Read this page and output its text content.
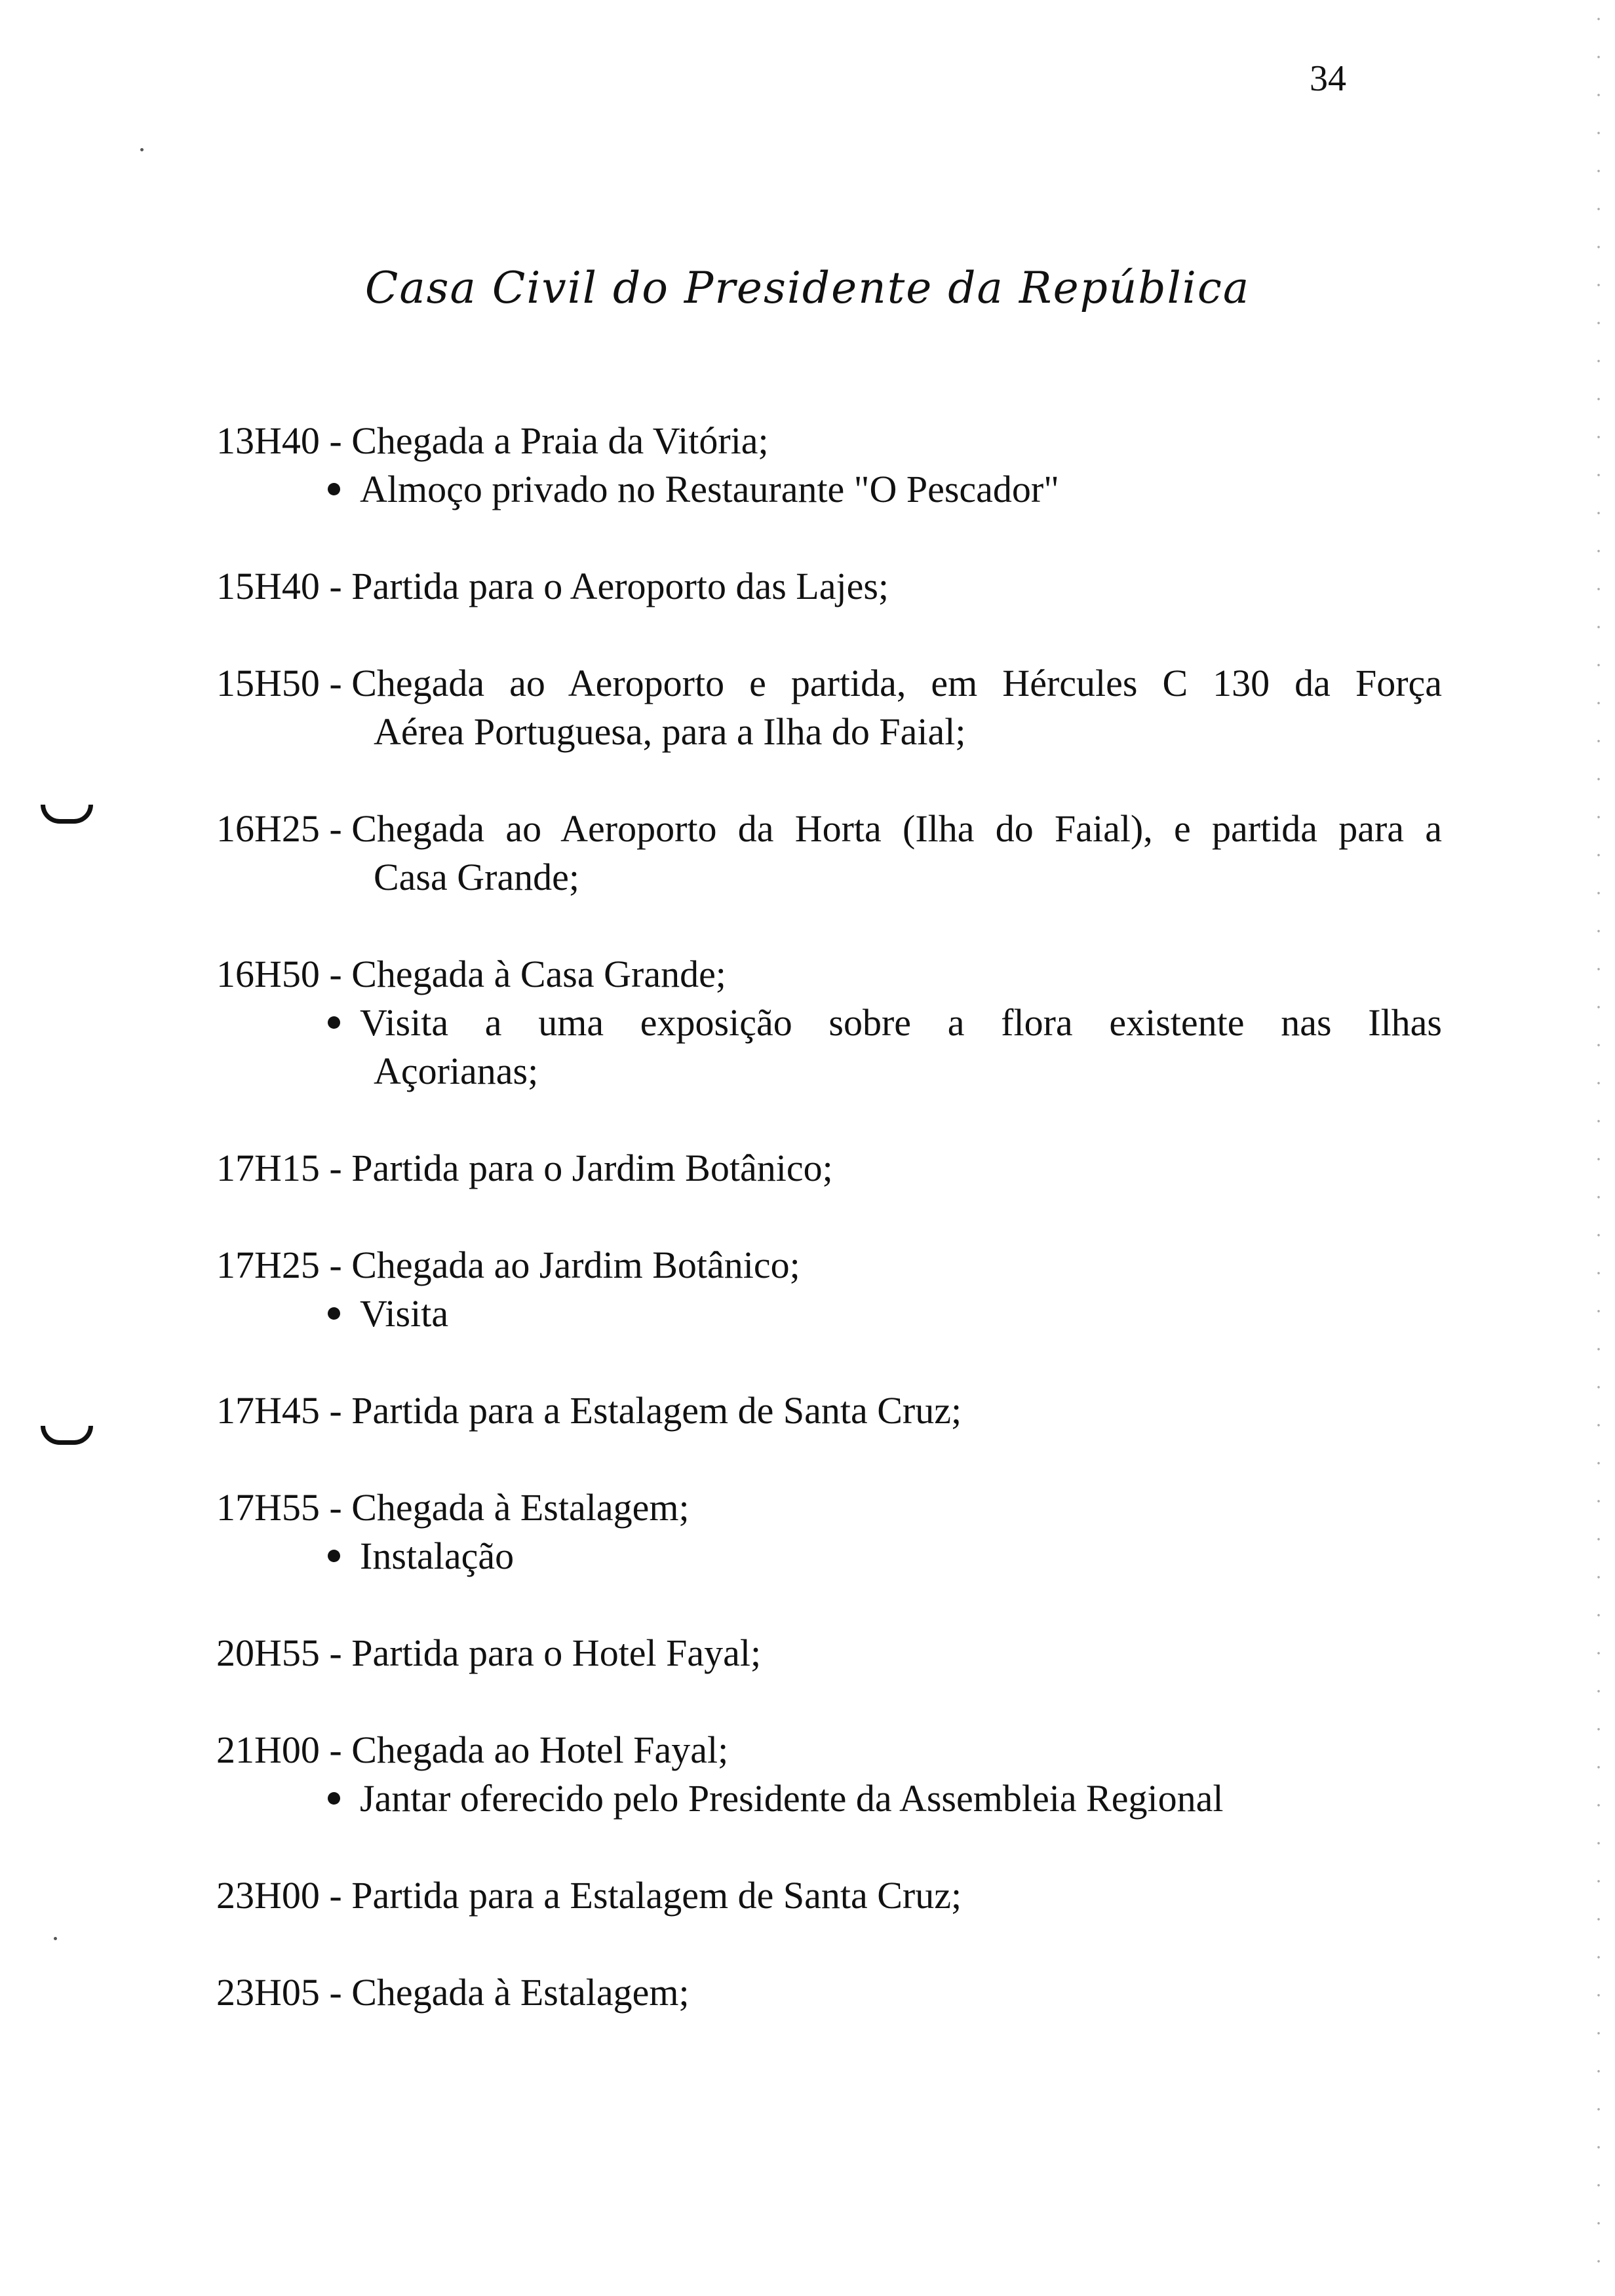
34
Casa Civil do Presidente da República
13H40 - Chegada a Praia da Vitória;
Almoço privado no Restaurante "O Pescador"
15H40 - Partida para o Aeroporto das Lajes;
15H50 - Chegada ao Aeroporto e partida, em Hércules C 130 da Força
Aérea Portuguesa, para a Ilha do Faial;
16H25 - Chegada ao Aeroporto da Horta (Ilha do Faial), e partida para a
Casa Grande;
16H50 - Chegada à Casa Grande;
Visita a uma exposição sobre a flora existente nas Ilhas
Açorianas;
17H15 - Partida para o Jardim Botânico;
17H25 - Chegada ao Jardim Botânico;
Visita
17H45 - Partida para a Estalagem de Santa Cruz;
17H55 - Chegada à Estalagem;
Instalação
20H55 - Partida para o Hotel Fayal;
21H00 - Chegada ao Hotel Fayal;
Jantar oferecido pelo Presidente da Assembleia Regional
23H00 - Partida para a Estalagem de Santa Cruz;
23H05 - Chegada à Estalagem;
